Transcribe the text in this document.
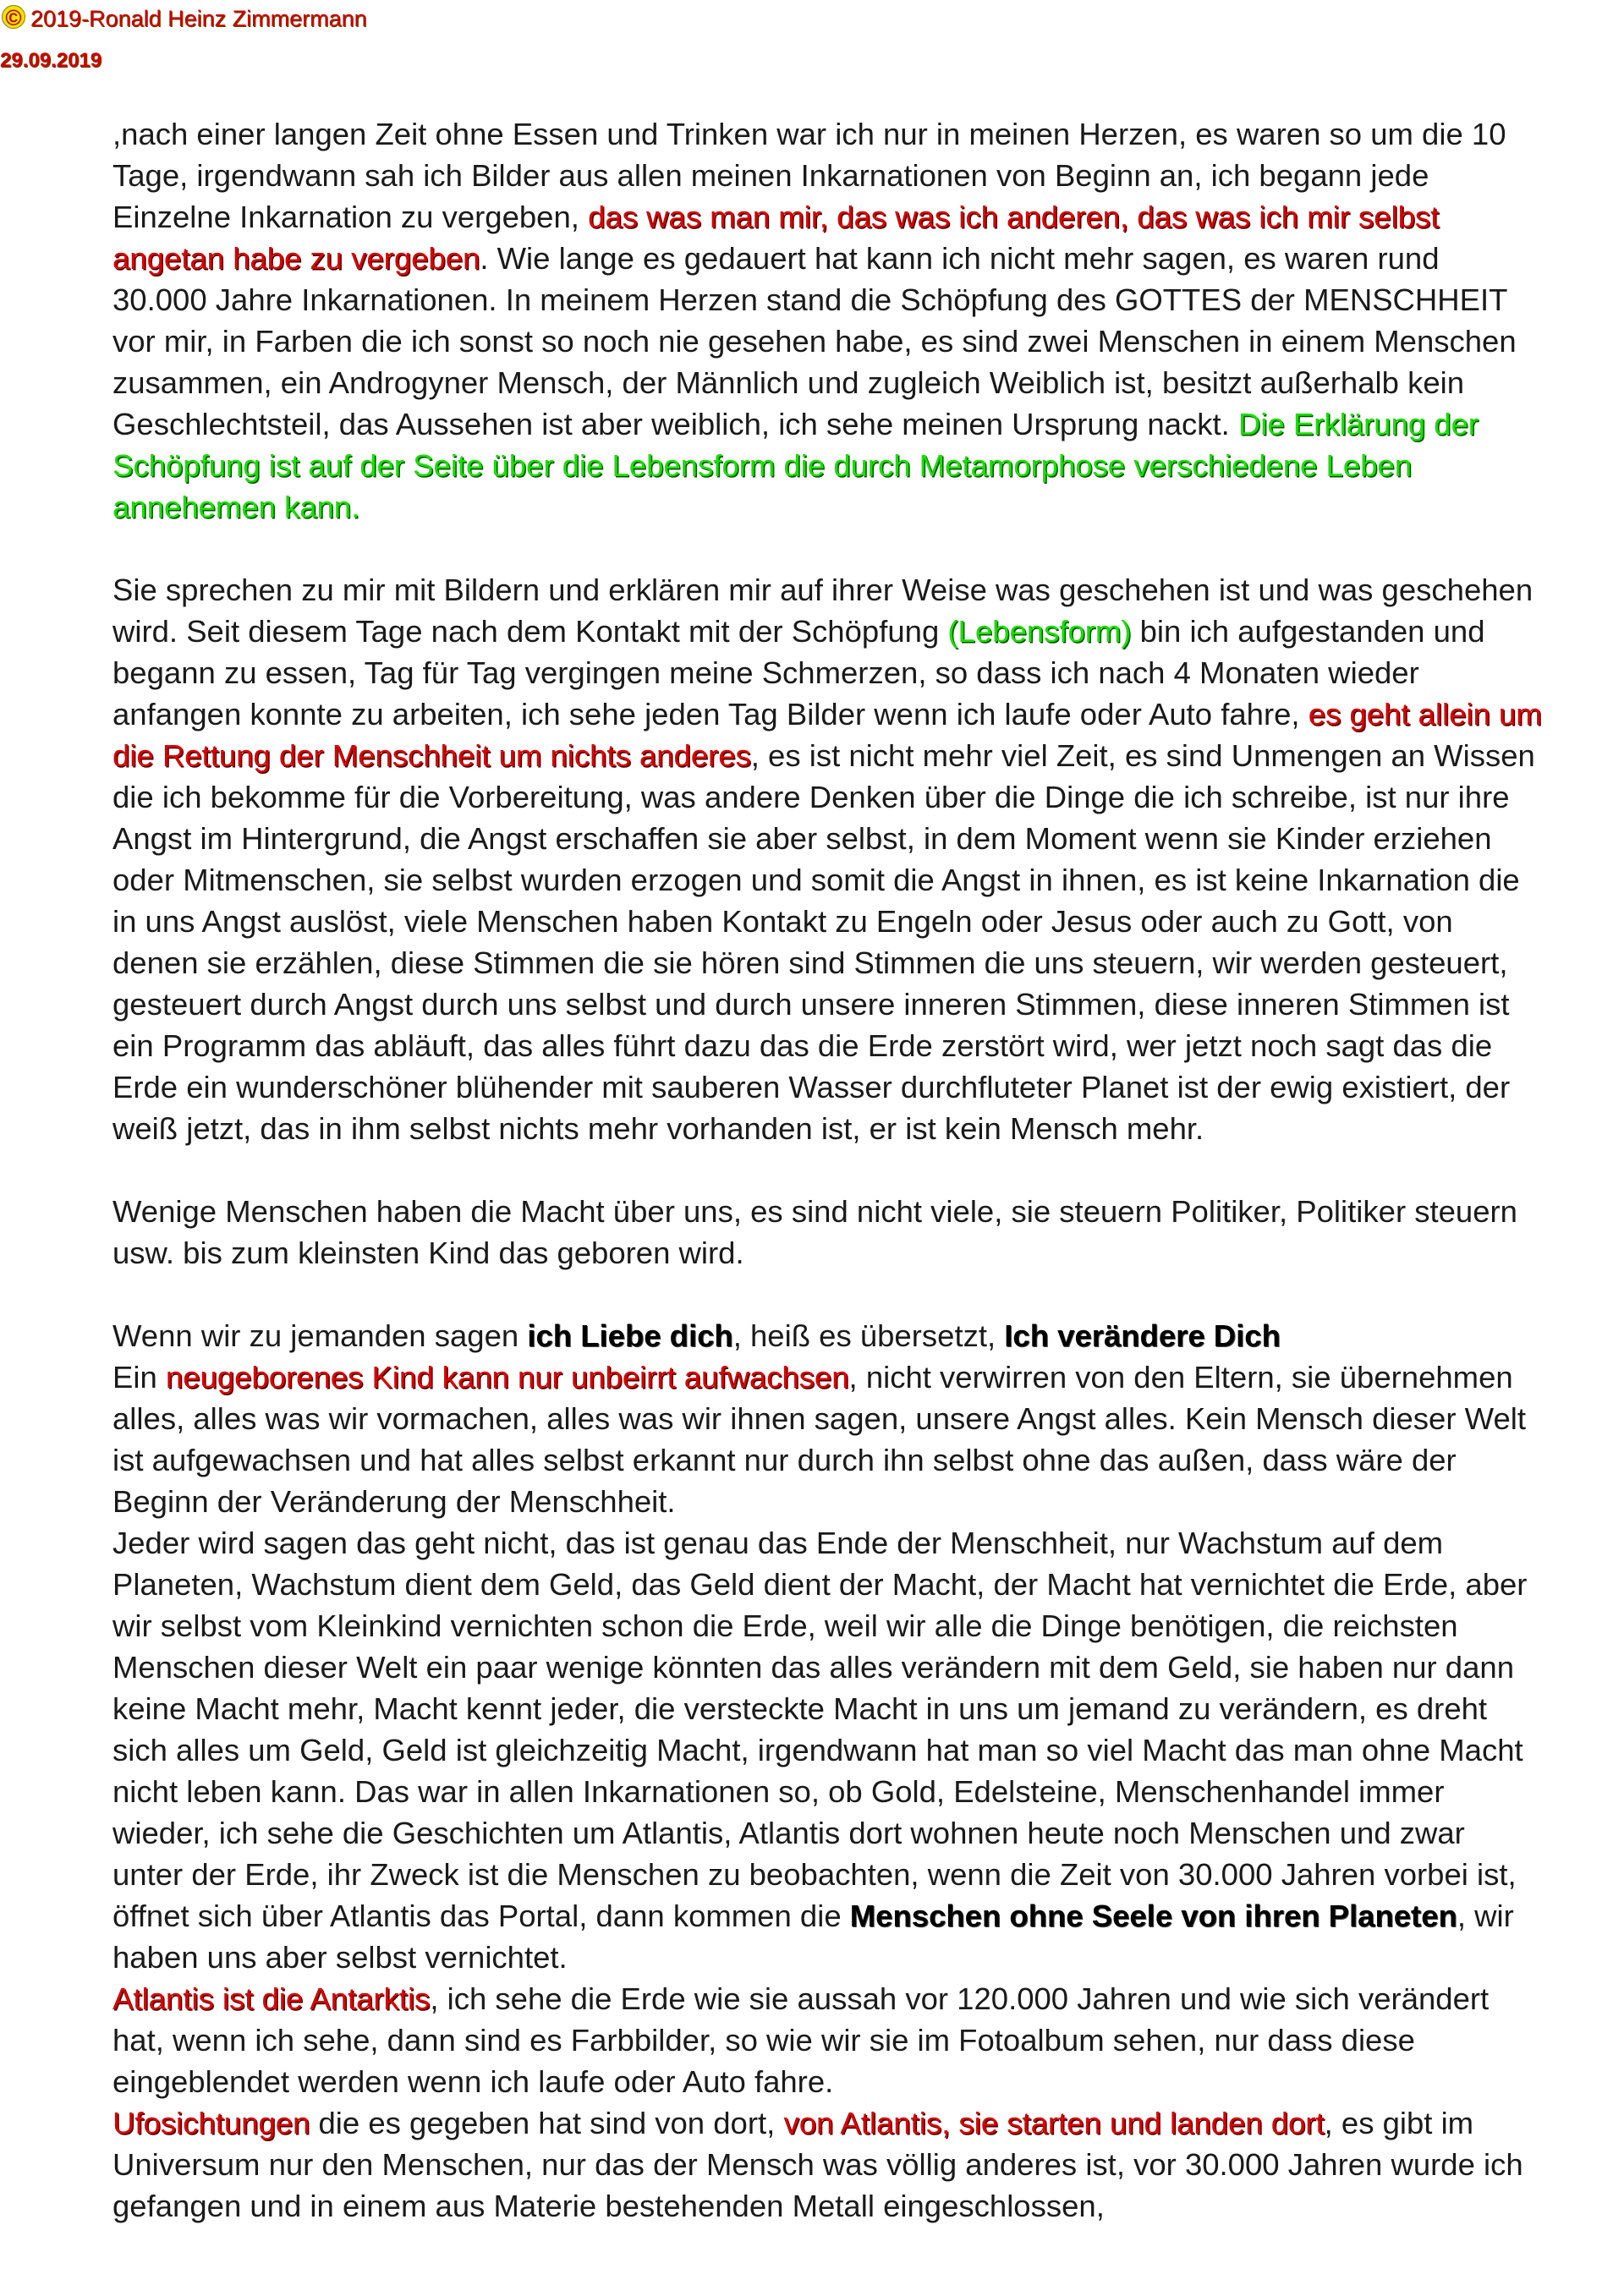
© 2019-Ronald Heinz Zimmermann
29.09.2019

,nach einer langen Zeit ohne Essen und Trinken war ich nur in meinen Herzen, es waren so um die 10 Tage, irgendwann sah ich Bilder aus allen meinen Inkarnationen von Beginn an, ich begann jede Einzelne Inkarnation zu vergeben, das was man mir, das was ich anderen, das was ich mir selbst angetan habe zu vergeben. Wie lange es gedauert hat kann ich nicht mehr sagen, es waren rund 30.000 Jahre Inkarnationen. In meinem Herzen stand die Schöpfung des GOTTES der MENSCHHEIT vor mir, in Farben die ich sonst so noch nie gesehen habe, es sind zwei Menschen in einem Menschen zusammen, ein Androgyner Mensch, der Männlich und zugleich Weiblich ist, besitzt außerhalb kein Geschlechtsteil, das Aussehen ist aber weiblich, ich sehe meinen Ursprung nackt. Die Erklärung der Schöpfung ist auf der Seite über die Lebensform die durch Metamorphose verschiedene Leben annehemen kann.

Sie sprechen zu mir mit Bildern und erklären mir auf ihrer Weise was geschehen ist und was geschehen wird. Seit diesem Tage nach dem Kontakt mit der Schöpfung (Lebensform) bin ich aufgestanden und begann zu essen, Tag für Tag vergingen meine Schmerzen, so dass ich nach 4 Monaten wieder anfangen konnte zu arbeiten, ich sehe jeden Tag Bilder wenn ich laufe oder Auto fahre, es geht allein um die Rettung der Menschheit um nichts anderes, es ist nicht mehr viel Zeit, es sind Unmengen an Wissen die ich bekomme für die Vorbereitung, was andere Denken über die Dinge die ich schreibe, ist nur ihre Angst im Hintergrund, die Angst erschaffen sie aber selbst, in dem Moment wenn sie Kinder erziehen oder Mitmenschen, sie selbst wurden erzogen und somit die Angst in ihnen, es ist keine Inkarnation die in uns Angst auslöst, viele Menschen haben Kontakt zu Engeln oder Jesus oder auch zu Gott, von denen sie erzählen, diese Stimmen die sie hören sind Stimmen die uns steuern, wir werden gesteuert, gesteuert durch Angst durch uns selbst und durch unsere inneren Stimmen, diese inneren Stimmen ist ein Programm das abläuft, das alles führt dazu das die Erde zerstört wird, wer jetzt noch sagt das die Erde ein wunderschöner blühender mit sauberen Wasser durchfluteter Planet ist der ewig existiert, der weiß jetzt, das in ihm selbst nichts mehr vorhanden ist, er ist kein Mensch mehr.

Wenige Menschen haben die Macht über uns, es sind nicht viele, sie steuern Politiker, Politiker steuern usw. bis zum kleinsten Kind das geboren wird.

Wenn wir zu jemanden sagen ich Liebe dich, heiß es übersetzt, Ich verändere Dich
Ein neugeborenes Kind kann nur unbeirrt aufwachsen, nicht verwirren von den Eltern, sie übernehmen alles, alles was wir vormachen, alles was wir ihnen sagen, unsere Angst alles. Kein Mensch dieser Welt ist aufgewachsen und hat alles selbst erkannt nur durch ihn selbst ohne das außen, dass wäre der Beginn der Veränderung der Menschheit.

Jeder wird sagen das geht nicht, das ist genau das Ende der Menschheit, nur Wachstum auf dem Planeten, Wachstum dient dem Geld, das Geld dient der Macht, der Macht hat vernichtet die Erde, aber wir selbst vom Kleinkind vernichten schon die Erde, weil wir alle die Dinge benötigen, die reichsten Menschen dieser Welt ein paar wenige könnten das alles verändern mit dem Geld, sie haben nur dann keine Macht mehr, Macht kennt jeder, die versteckte Macht in uns um jemand zu verändern, es dreht sich alles um Geld, Geld ist gleichzeitig Macht, irgendwann hat man so viel Macht das man ohne Macht nicht leben kann. Das war in allen Inkarnationen so, ob Gold, Edelsteine, Menschenhandel immer wieder, ich sehe die Geschichten um Atlantis, Atlantis dort wohnen heute noch Menschen und zwar unter der Erde, ihr Zweck ist die Menschen zu beobachten, wenn die Zeit von 30.000 Jahren vorbei ist, öffnet sich über Atlantis das Portal, dann kommen die Menschen ohne Seele von ihren Planeten, wir haben uns aber selbst vernichtet.

Atlantis ist die Antarktis, ich sehe die Erde wie sie aussah vor 120.000 Jahren und wie sich verändert hat, wenn ich sehe, dann sind es Farbbilder, so wie wir sie im Fotoalbum sehen, nur dass diese eingeblendet werden wenn ich laufe oder Auto fahre.

Ufosichtungen die es gegeben hat sind von dort, von Atlantis, sie starten und landen dort, es gibt im Universum nur den Menschen, nur das der Mensch was völlig anderes ist, vor 30.000 Jahren wurde ich gefangen und in einem aus Materie bestehenden Metall eingeschlossen,
